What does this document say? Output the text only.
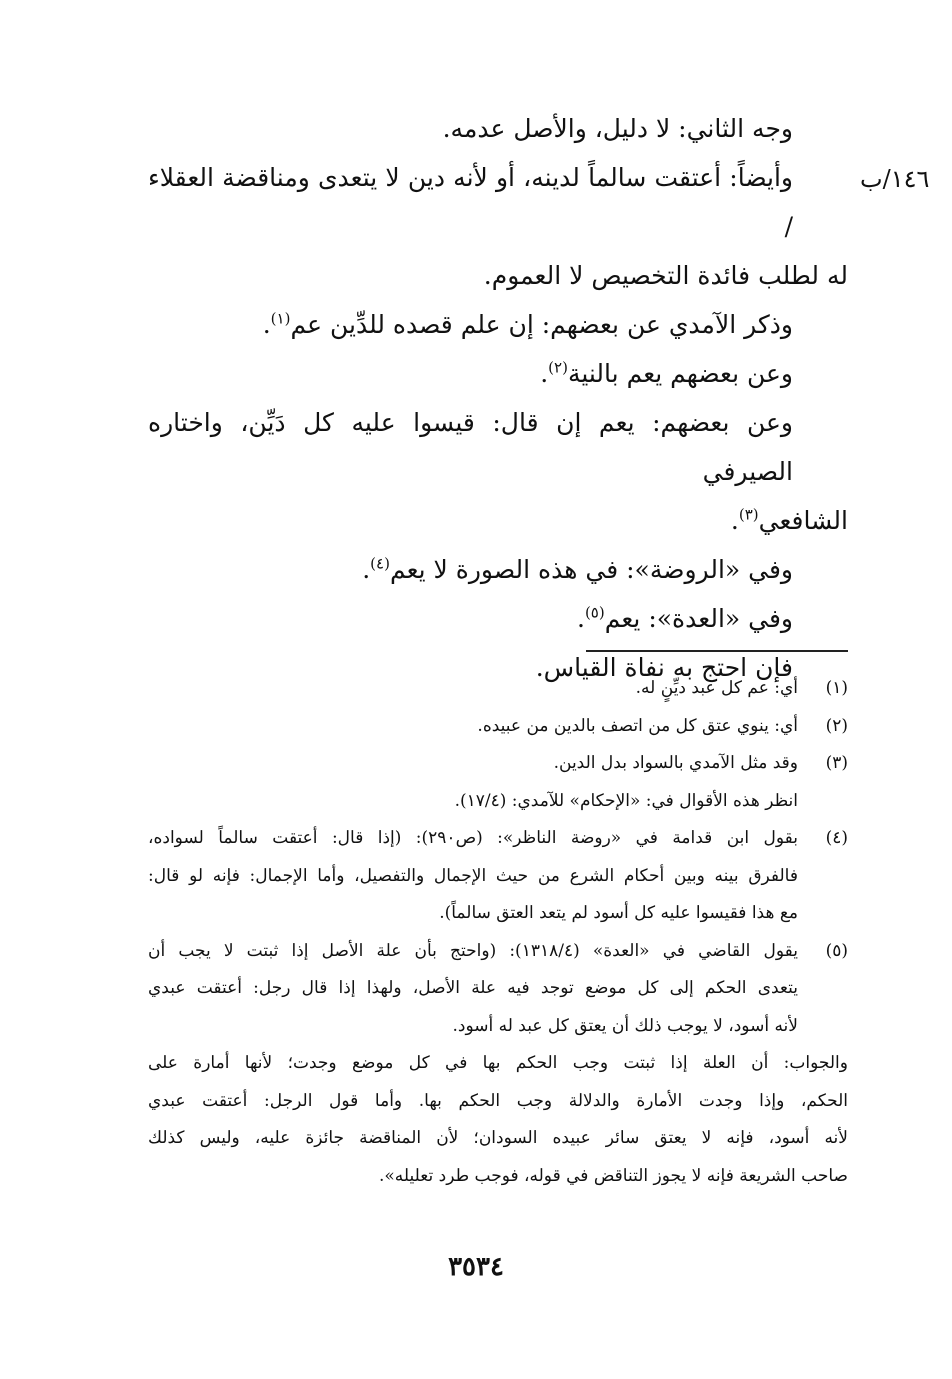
١٤٦/ب
وجه الثاني: لا دليل، والأصل عدمه.
وأيضاً: أعتقت سالماً لدينه، أو لأنه دين لا يتعدى ومناقضة العقلاء /
له لطلب فائدة التخصيص لا العموم.
وذكر الآمدي عن بعضهم: إن علم قصده للدِّين عم$^{(١)}$.
وعن بعضهم يعم بالنية$^{(٢)}$.
وعن بعضهم: يعم إن قال: قيسوا عليه كل دَيِّن، واختاره الصيرفي
الشافعي$^{(٣)}$.
وفي «الروضة»: في هذه الصورة لا يعم$^{(٤)}$.
وفي «العدة»: يعم$^{(٥)}$.
فإن احتج به نفاة القياس.
(١)
أي: عم كل عبد ديِّنٍ له.
(٢)
أي: ينوي عتق كل من اتصف بالدين من عبيده.
(٣)
وقد مثل الآمدي بالسواد بدل الدين.
انظر هذه الأقوال في: «الإحكام» للآمدي: (١٧/٤).
(٤)
بقول ابن قدامة في «روضة الناظر»: (ص٢٩٠): (إذا قال: أعتقت سالماً لسواده،
فالفرق بينه وبين أحكام الشرع من حيث الإجمال والتفصيل، وأما الإجمال: فإنه لو قال:
مع هذا فقيسوا عليه كل أسود لم يتعد العتق سالماً).
(٥)
يقول القاضي في «العدة» (١٣١٨/٤): (واحتج بأن علة الأصل إذا ثبتت لا يجب أن
يتعدى الحكم إلى كل موضع توجد فيه علة الأصل، ولهذا إذا قال رجل: أعتقت عبدي
لأنه أسود، لا يوجب ذلك أن يعتق كل عبد له أسود.
والجواب: أن العلة إذا ثبتت وجب الحكم بها في كل موضع وجدت؛ لأنها أمارة على
الحكم، وإذا وجدت الأمارة والدلالة وجب الحكم بها. وأما قول الرجل: أعتقت عبدي
لأنه أسود، فإنه لا يعتق سائر عبيده السودان؛ لأن المناقضة جائزة عليه، وليس كذلك
صاحب الشريعة فإنه لا يجوز التناقض في قوله، فوجب طرد تعليله».
٣٥٣٤
